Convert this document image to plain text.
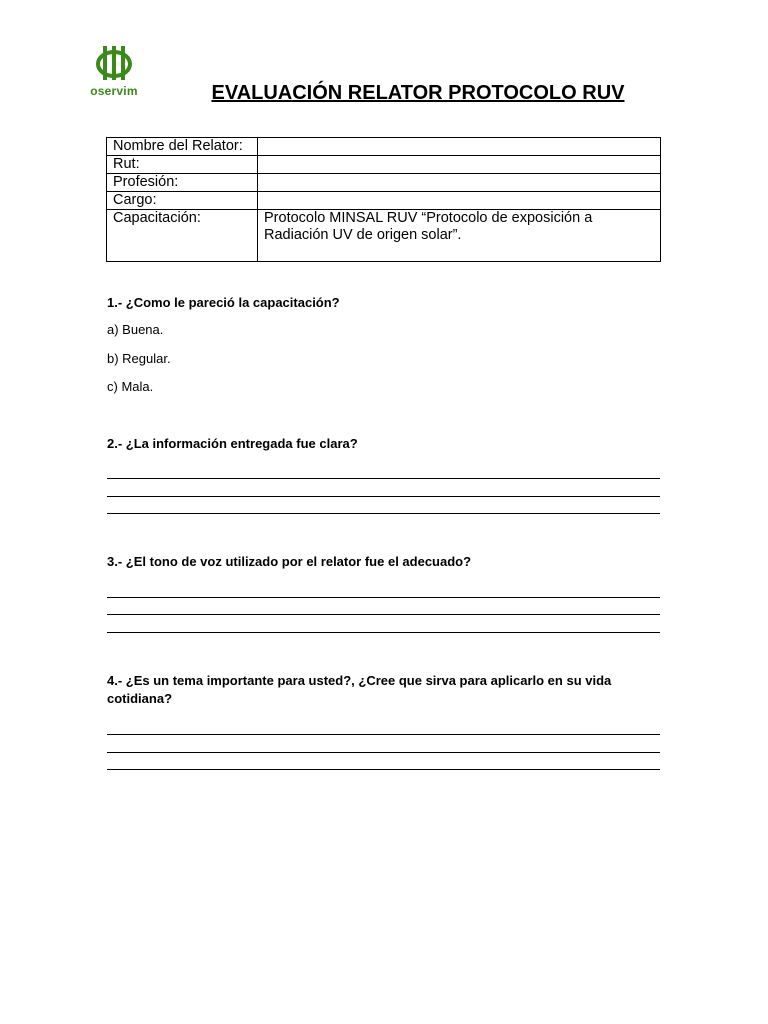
oservim	EVALUACIÓN RELATOR PROTOCOLO RUV
Nombre del Relator:	
Rut:	
Profesión:	
Cargo:	
Capacitación:	Protocolo MINSAL RUV “Protocolo de exposición a Radiación UV de origen solar”.
1.- ¿Como le pareció la capacitación?
a) Buena.
b) Regular.
c) Mala.
2.- ¿La información entregada fue clara?
3.- ¿El tono de voz utilizado por el relator fue el adecuado?
4.- ¿Es un tema importante para usted?, ¿Cree que sirva para aplicarlo en su vida cotidiana?
